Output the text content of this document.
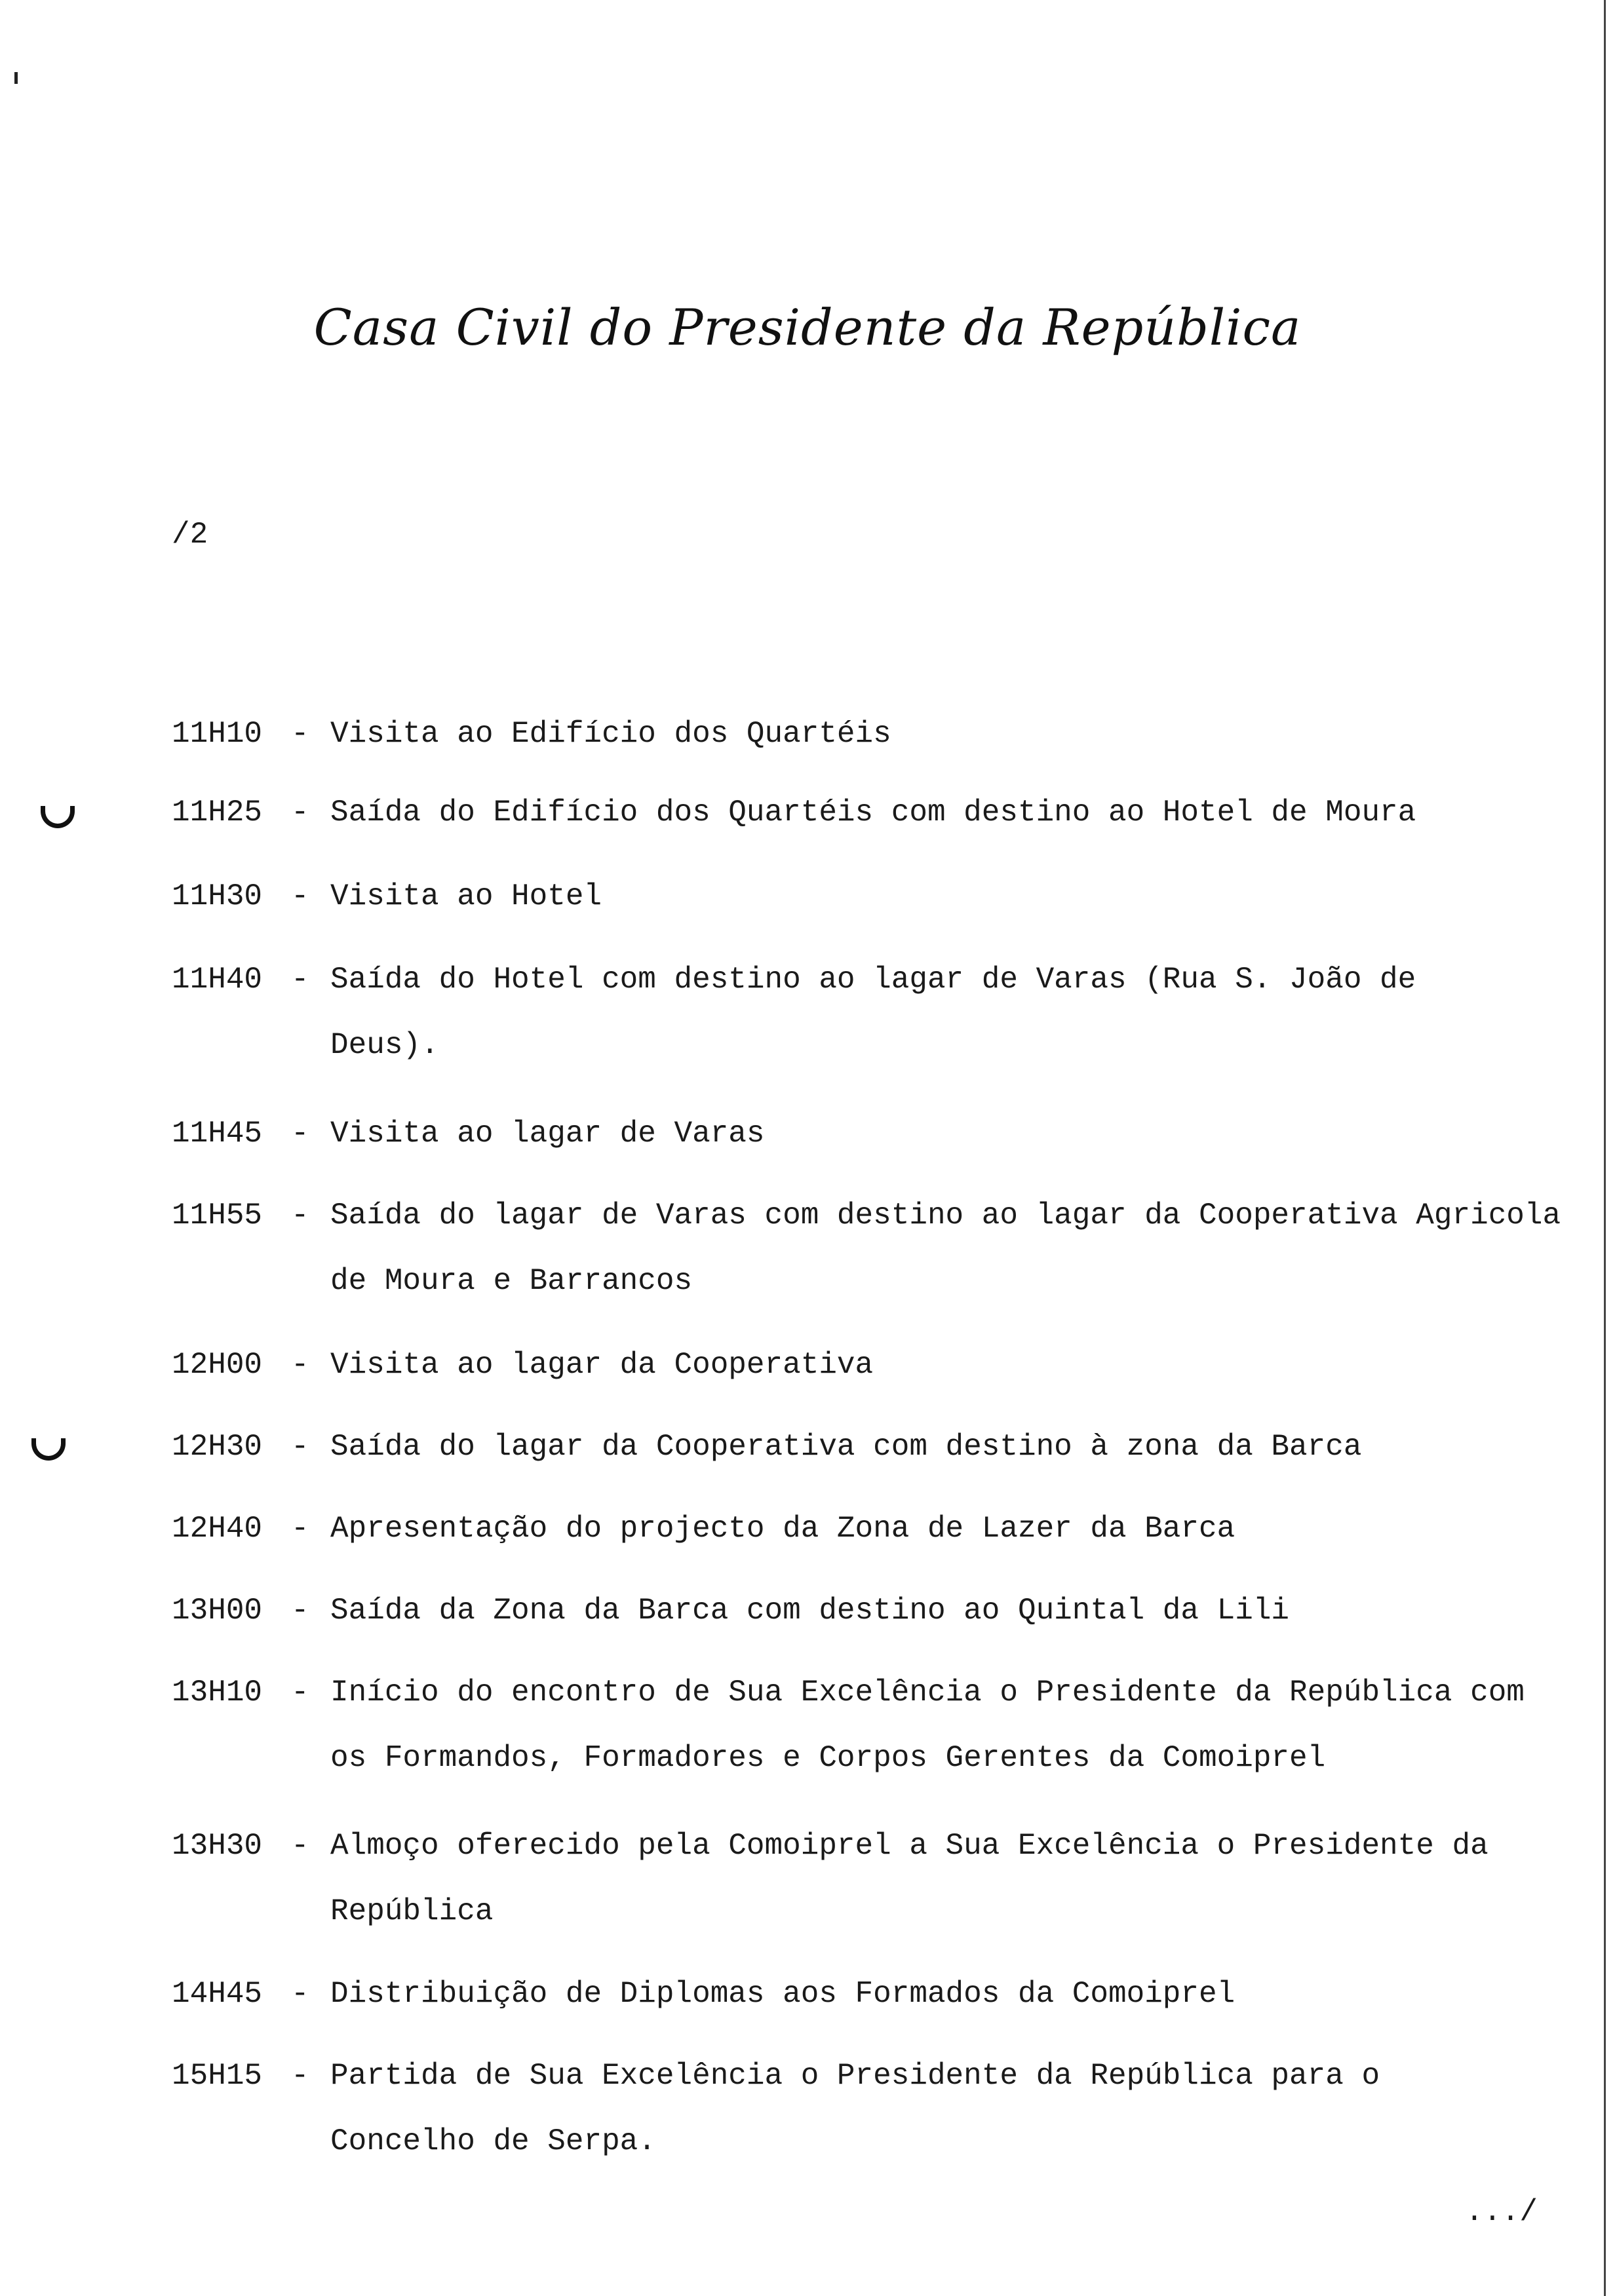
Casa Civil do Presidente da República
/2
11H10 - Visita ao Edifício dos Quartéis
11H25 - Saída do Edifício dos Quartéis com destino ao Hotel de Moura
11H30 - Visita ao Hotel
11H40 - Saída do Hotel com destino ao lagar de Varas (Rua S. João de Deus).
11H45 - Visita ao lagar de Varas
11H55 - Saída do lagar de Varas com destino ao lagar da Cooperativa Agricola de Moura e Barrancos
12H00 - Visita ao lagar da Cooperativa
12H30 - Saída do lagar da Cooperativa com destino à zona da Barca
12H40 - Apresentação do projecto da Zona de Lazer da Barca
13H00 - Saída da Zona da Barca com destino ao Quintal da Lili
13H10 - Início do encontro de Sua Excelência o Presidente da República com os Formandos, Formadores e Corpos Gerentes da Comoiprel
13H30 - Almoço oferecido pela Comoiprel a Sua Excelência o Presidente da República
14H45 - Distribuição de Diplomas aos Formados da Comoiprel
15H15 - Partida de Sua Excelência o Presidente da República para o Concelho de Serpa.
.../
